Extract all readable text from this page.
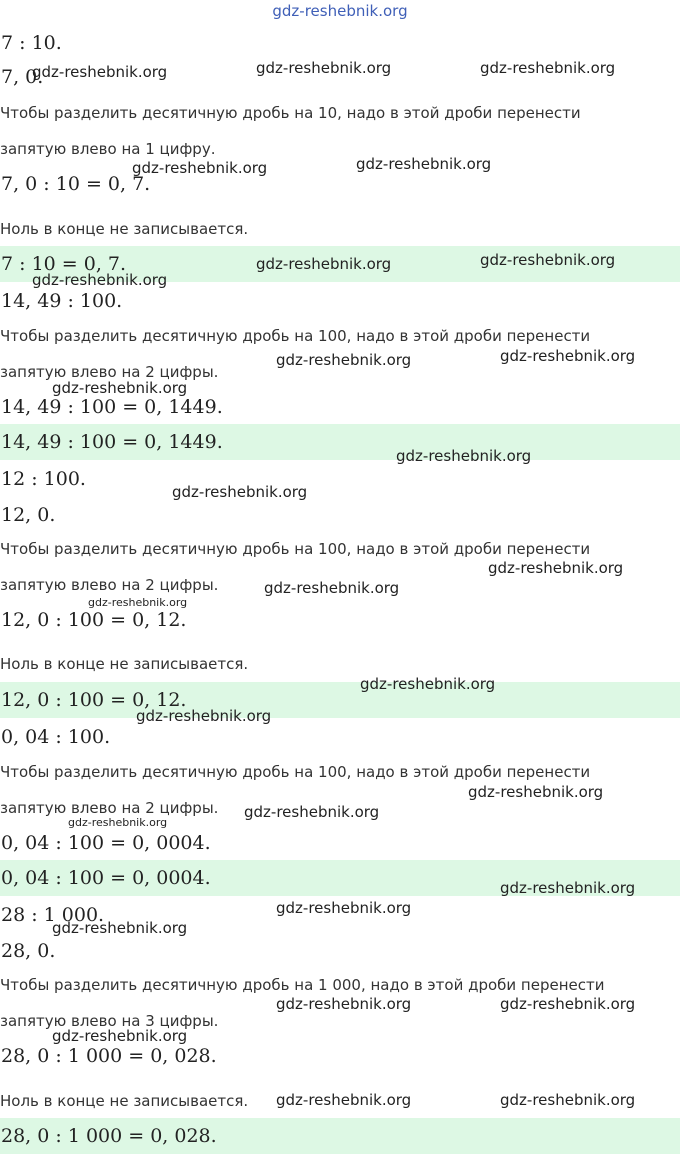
gdz-reshebnik.org
7 : 10.
7, 0.
Чтобы разделить десятичную дробь на 10, надо в этой дроби перенести
запятую влево на 1 цифру.
7, 0 : 10 = 0, 7.
Ноль в конце не записывается.
7 : 10 = 0, 7.
14, 49 : 100.
Чтобы разделить десятичную дробь на 100, надо в этой дроби перенести
запятую влево на 2 цифры.
14, 49 : 100 = 0, 1449.
14, 49 : 100 = 0, 1449.
12 : 100.
12, 0.
Чтобы разделить десятичную дробь на 100, надо в этой дроби перенести
запятую влево на 2 цифры.
12, 0 : 100 = 0, 12.
Ноль в конце не записывается.
12, 0 : 100 = 0, 12.
0, 04 : 100.
Чтобы разделить десятичную дробь на 100, надо в этой дроби перенести
запятую влево на 2 цифры.
0, 04 : 100 = 0, 0004.
0, 04 : 100 = 0, 0004.
28 : 1 000.
28, 0.
Чтобы разделить десятичную дробь на 1 000, надо в этой дроби перенести
запятую влево на 3 цифры.
28, 0 : 1 000 = 0, 028.
Ноль в конце не записывается.
28, 0 : 1 000 = 0, 028.
gdz-reshebnik.org	gdz-reshebnik.org	gdz-reshebnik.org
gdz-reshebnik.org	gdz-reshebnik.org
gdz-reshebnik.org	gdz-reshebnik.org
gdz-reshebnik.org
gdz-reshebnik.org	gdz-reshebnik.org
gdz-reshebnik.org
gdz-reshebnik.org
gdz-reshebnik.org
gdz-reshebnik.org
gdz-reshebnik.org
gdz-reshebnik.org
gdz-reshebnik.org
gdz-reshebnik.org
gdz-reshebnik.org
gdz-reshebnik.org
gdz-reshebnik.org
gdz-reshebnik.org
gdz-reshebnik.org
gdz-reshebnik.org
gdz-reshebnik.org	gdz-reshebnik.org
gdz-reshebnik.org
gdz-reshebnik.org	gdz-reshebnik.org
